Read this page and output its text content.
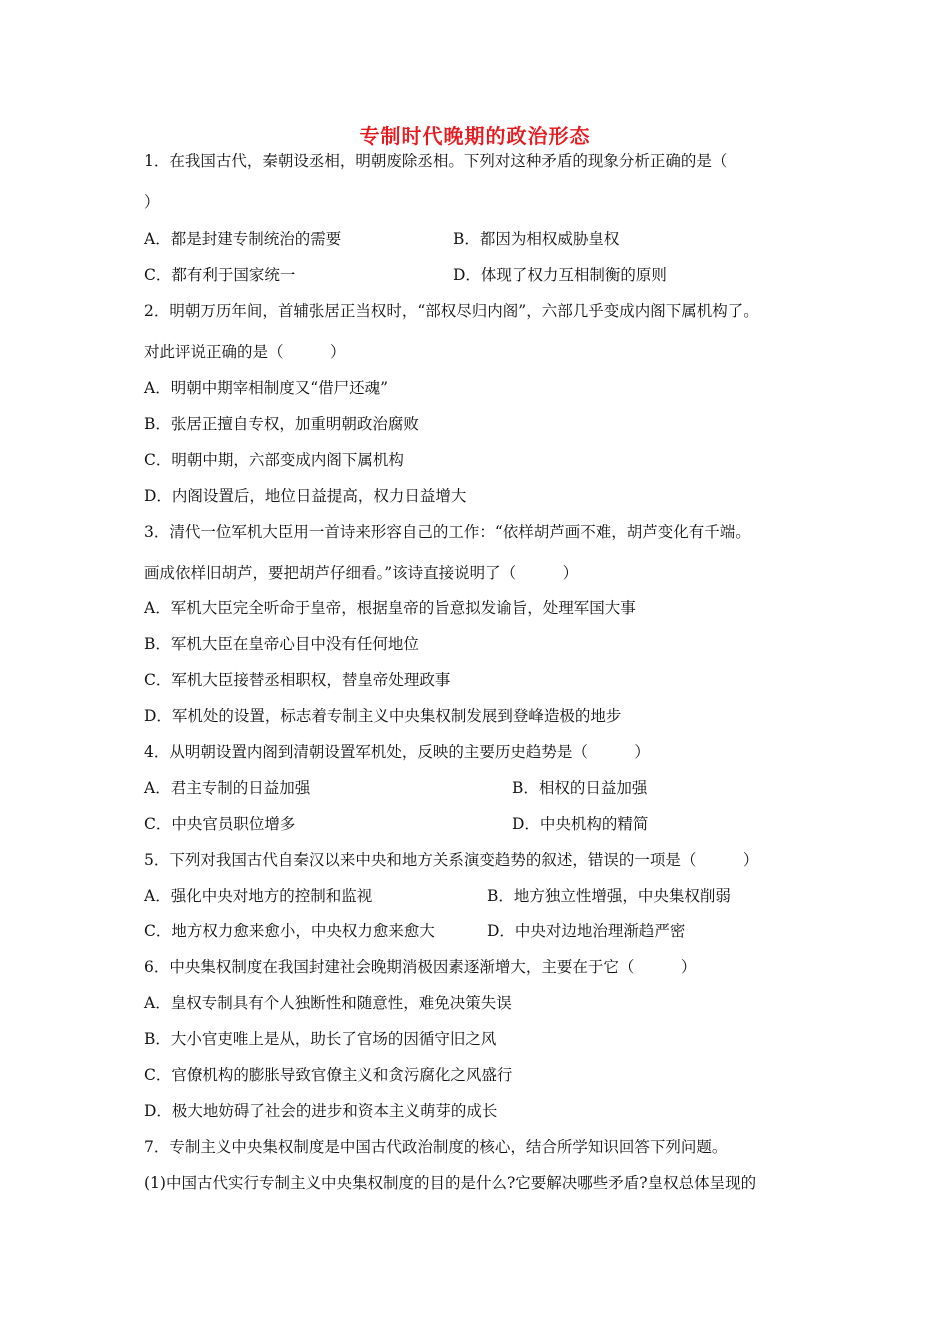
专制时代晚期的政治形态
1．在我国古代，秦朝设丞相，明朝废除丞相。下列对这种矛盾的现象分析正确的是（
）
A．都是封建专制统治的需要	B．都因为相权威胁皇权
C．都有利于国家统一	D．体现了权力互相制衡的原则
2．明朝万历年间，首辅张居正当权时，“部权尽归内阁”，六部几乎变成内阁下属机构了。
对此评说正确的是（　　　）
A．明朝中期宰相制度又“借尸还魂”
B．张居正擅自专权，加重明朝政治腐败
C．明朝中期，六部变成内阁下属机构
D．内阁设置后，地位日益提高，权力日益增大
3．清代一位军机大臣用一首诗来形容自己的工作：“依样胡芦画不难，胡芦变化有千端。
画成依样旧胡芦，要把胡芦仔细看。”该诗直接说明了（　　　）
A．军机大臣完全听命于皇帝，根据皇帝的旨意拟发谕旨，处理军国大事
B．军机大臣在皇帝心目中没有任何地位
C．军机大臣接替丞相职权，替皇帝处理政事
D．军机处的设置，标志着专制主义中央集权制发展到登峰造极的地步
4．从明朝设置内阁到清朝设置军机处，反映的主要历史趋势是（　　　）
A．君主专制的日益加强	B．相权的日益加强
C．中央官员职位增多	D．中央机构的精简
5．下列对我国古代自秦汉以来中央和地方关系演变趋势的叙述，错误的一项是（　　　）
A．强化中央对地方的控制和监视	B．地方独立性增强，中央集权削弱
C．地方权力愈来愈小，中央权力愈来愈大	D．中央对边地治理渐趋严密
6．中央集权制度在我国封建社会晚期消极因素逐渐增大，主要在于它（　　　）
A．皇权专制具有个人独断性和随意性，难免决策失误
B．大小官吏唯上是从，助长了官场的因循守旧之风
C．官僚机构的膨胀导致官僚主义和贪污腐化之风盛行
D．极大地妨碍了社会的进步和资本主义萌芽的成长
7．专制主义中央集权制度是中国古代政治制度的核心，结合所学知识回答下列问题。
(1)中国古代实行专制主义中央集权制度的目的是什么?它要解决哪些矛盾?皇权总体呈现的
